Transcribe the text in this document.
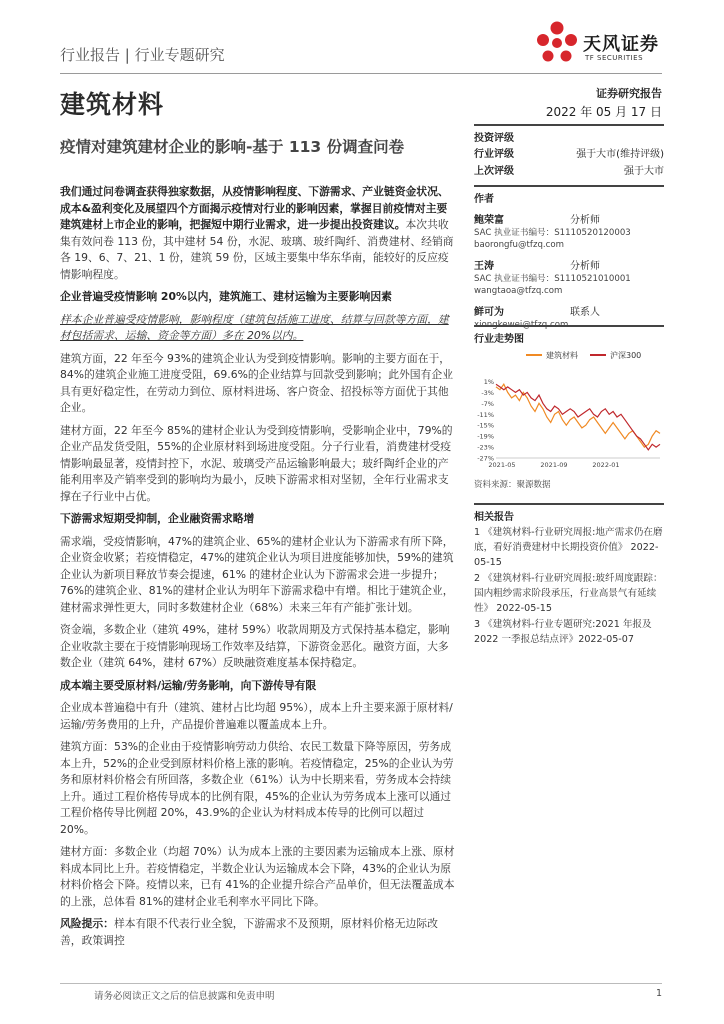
行业报告 | 行业专题研究	天风证券
TF SECURITIES
建筑材料	证券研究报告
2022 年 05 月 17 日
疫情对建筑建材企业的影响-基于 113 份调查问卷

我们通过问卷调查获得独家数据，从疫情影响程度、下游需求、产业链资金状况、成本&盈利变化及展望四个方面揭示疫情对行业的影响因素，掌握目前疫情对主要建筑建材上市企业的影响，把握短中期行业需求，进一步提出投资建议。本次共收集有效问卷 113 份，其中建材 54 份，水泥、玻璃、玻纤陶纤、消费建材、经销商各 19、6、7、21、1 份，建筑 59 份，区域主要集中华东华南，能较好的反应疫情影响程度。

企业普遍受疫情影响 20%以内，建筑施工、建材运输为主要影响因素

样本企业普遍受疫情影响，影响程度（建筑包括施工进度、结算与回款等方面，建材包括需求、运输、资金等方面）多在 20%以内。

建筑方面，22 年至今 93%的建筑企业认为受到疫情影响。影响的主要方面在于，84%的建筑企业施工进度受阻，69.6%的企业结算与回款受到影响；此外国有企业具有更好稳定性，在劳动力到位、原材料进场、客户资金、招投标等方面优于其他企业。

建材方面，22 年至今 85%的建材企业认为受到疫情影响，受影响企业中，79%的企业产品发货受阻，55%的企业原材料到场进度受阻。分子行业看，消费建材受疫情影响最显著，疫情封控下，水泥、玻璃受产品运输影响最大；玻纤陶纤企业的产能利用率及产销率受到的影响均为最小，反映下游需求相对坚韧，全年行业需求支撑在子行业中占优。

下游需求短期受抑制，企业融资需求略增

需求端，受疫情影响，47%的建筑企业、65%的建材企业认为下游需求有所下降，企业资金收紧；若疫情稳定，47%的建筑企业认为项目进度能够加快，59%的建筑企业认为新项目释放节奏会提速，61% 的建材企业认为下游需求会进一步提升；76%的建筑企业、81%的建材企业认为明年下游需求稳中有增。相比于建筑企业，建材需求弹性更大，同时多数建材企业（68%）未来三年有产能扩张计划。

资金端，多数企业（建筑 49%，建材 59%）收款周期及方式保持基本稳定，影响企业收款主要在于疫情影响现场工作效率及结算，下游资金恶化。融资方面，大多数企业（建筑 64%，建材 67%）反映融资难度基本保持稳定。

成本端主要受原材料/运输/劳务影响，向下游传导有限

企业成本普遍稳中有升（建筑、建材占比均超 95%），成本上升主要来源于原材料/运输/劳务费用的上升，产品提价普遍难以覆盖成本上升。

建筑方面：53%的企业由于疫情影响劳动力供给、农民工数量下降等原因，劳务成本上升，52%的企业受到原材料价格上涨的影响。若疫情稳定，25%的企业认为劳务和原材料价格会有所回落，多数企业（61%）认为中长期来看，劳务成本会持续上升。通过工程价格传导成本的比例有限，45%的企业认为劳务成本上涨可以通过工程价格传导比例超 20%，43.9%的企业认为材料成本传导的比例可以超过 20%。

建材方面：多数企业（均超 70%）认为成本上涨的主要因素为运输成本上涨、原材料成本同比上升。若疫情稳定，半数企业认为运输成本会下降，43%的企业认为原材料价格会下降。疫情以来，已有 41%的企业提升综合产品单价，但无法覆盖成本的上涨，总体看 81%的建材企业毛利率水平同比下降。

风险提示：样本有限不代表行业全貌，下游需求不及预期，原材料价格无边际改善，政策调控

投资评级
行业评级	强于大市(维持评级)
上次评级	强于大市
作者
鲍荣富	分析师
SAC 执业证书编号：S1110520120003
baorongfu@tfzq.com
王涛	分析师
SAC 执业证书编号：S1110521010001
wangtaoa@tfzq.com
鲜可为	联系人
xiongkewei@tfzq.com
行业走势图
建筑材料	沪深300
1%
-3%
-7%
-11%
-15%
-19%
-23%
-27%
2021-05	2021-09	2022-01
资料来源：聚源数据
相关报告
1 《建筑材料-行业研究周报:地产需求仍在磨底，看好消费建材中长期投资价值》 2022-05-15
2 《建筑材料-行业研究周报:玻纤周度跟踪：国内粗纱需求阶段承压，行业高景气有延续性》 2022-05-15
3 《建筑材料-行业专题研究:2021 年报及 2022 一季报总结点评》2022-05-07
请务必阅读正文之后的信息披露和免责申明	1
